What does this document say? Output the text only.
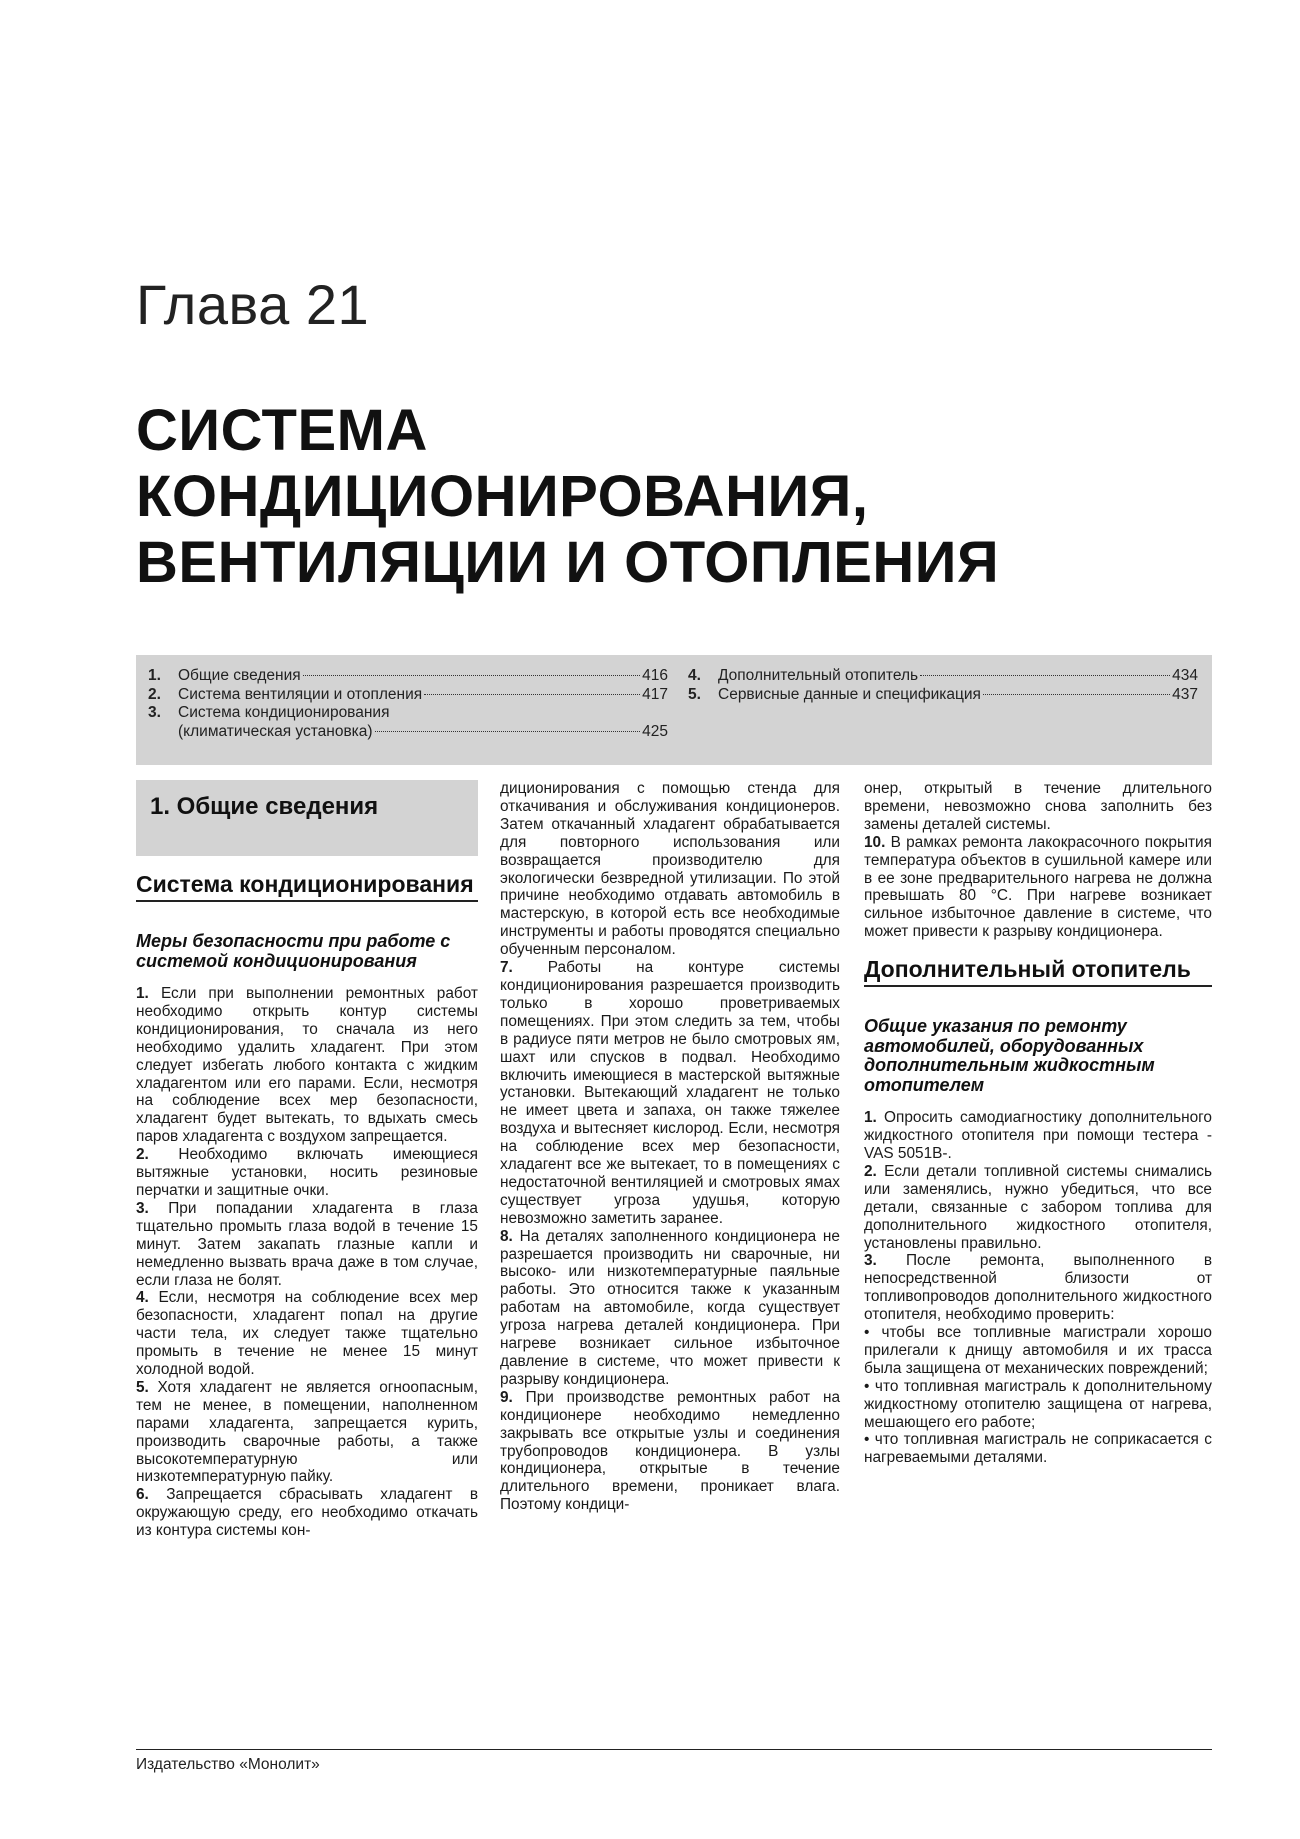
Глава 21
СИСТЕМА
КОНДИЦИОНИРОВАНИЯ,
ВЕНТИЛЯЦИИ И ОТОПЛЕНИЯ
1.	Общие сведения	416
2.	Система вентиляции и отопления	417
3.	Система кондиционирования
(климатическая установка)	425
4.	Дополнительный отопитель	434
5.	Сервисные данные и спецификация	437
1. Общие сведения
Система кондиционирования
Меры безопасности при работе с системой кондиционирования

1. Если при выполнении ремонтных работ необходимо открыть контур системы кондиционирования, то сначала из него необходимо удалить хладагент. При этом следует избегать любого контакта с жидким хладагентом или его парами. Если, несмотря на соблюдение всех мер безопасности, хладагент будет вытекать, то вдыхать смесь паров хладагента с воздухом запрещается.

2. Необходимо включать имеющиеся вытяжные установки, носить резиновые перчатки и защитные очки.

3. При попадании хладагента в глаза тщательно промыть глаза водой в течение 15 минут. Затем закапать глазные капли и немедленно вызвать врача даже в том случае, если глаза не болят.

4. Если, несмотря на соблюдение всех мер безопасности, хладагент попал на другие части тела, их следует также тщательно промыть в течение не менее 15 минут холодной водой.

5. Хотя хладагент не является огноопасным, тем не менее, в помещении, наполненном парами хладагента, запрещается курить, производить сварочные работы, а также высокотемпературную или низкотемпературную пайку.

6. Запрещается сбрасывать хладагент в окружающую среду, его необходимо откачать из контура системы кон-

диционирования с помощью стенда для откачивания и обслуживания кондиционеров. Затем откачанный хладагент обрабатывается для повторного использования или возвращается производителю для экологически безвредной утилизации. По этой причине необходимо отдавать автомобиль в мастерскую, в которой есть все необходимые инструменты и работы проводятся специально обученным персоналом.

7. Работы на контуре системы кондиционирования разрешается производить только в хорошо проветриваемых помещениях. При этом следить за тем, чтобы в радиусе пяти метров не было смотровых ям, шахт или спусков в подвал. Необходимо включить имеющиеся в мастерской вытяжные установки. Вытекающий хладагент не только не имеет цвета и запаха, он также тяжелее воздуха и вытесняет кислород. Если, несмотря на соблюдение всех мер безопасности, хладагент все же вытекает, то в помещениях с недостаточной вентиляцией и смотровых ямах существует угроза удушья, которую невозможно заметить заранее.

8. На деталях заполненного кондиционера не разрешается производить ни сварочные, ни высоко- или низкотемпературные паяльные работы. Это относится также к указанным работам на автомобиле, когда существует угроза нагрева деталей кондиционера. При нагреве возникает сильное избыточное давление в системе, что может привести к разрыву кондиционера.

9. При производстве ремонтных работ на кондиционере необходимо немедленно закрывать все открытые узлы и соединения трубопроводов кондиционера. В узлы кондиционера, открытые в течение длительного времени, проникает влага. Поэтому кондици-

онер, открытый в течение длительного времени, невозможно снова заполнить без замены деталей системы.

10. В рамках ремонта лакокрасочного покрытия температура объектов в сушильной камере или в ее зоне предварительного нагрева не должна превышать 80 °С. При нагреве возникает сильное избыточное давление в системе, что может привести к разрыву кондиционера.

Дополнительный отопитель
Общие указания по ремонту автомобилей, оборудованных дополнительным жидкостным отопителем

1. Опросить самодиагностику дополнительного жидкостного отопителя при помощи тестера -VAS 5051B-.

2. Если детали топливной системы снимались или заменялись, нужно убедиться, что все детали, связанные с забором топлива для дополнительного жидкостного отопителя, установлены правильно.

3. После ремонта, выполненного в непосредственной близости от топливопроводов дополнительного жидкостного отопителя, необходимо проверить:

• чтобы все топливные магистрали хорошо прилегали к днищу автомобиля и их трасса была защищена от механических повреждений;

• что топливная магистраль к дополнительному жидкостному отопителю защищена от нагрева, мешающего его работе;

• что топливная магистраль не соприкасается с нагреваемыми деталями.

Издательство «Монолит»
